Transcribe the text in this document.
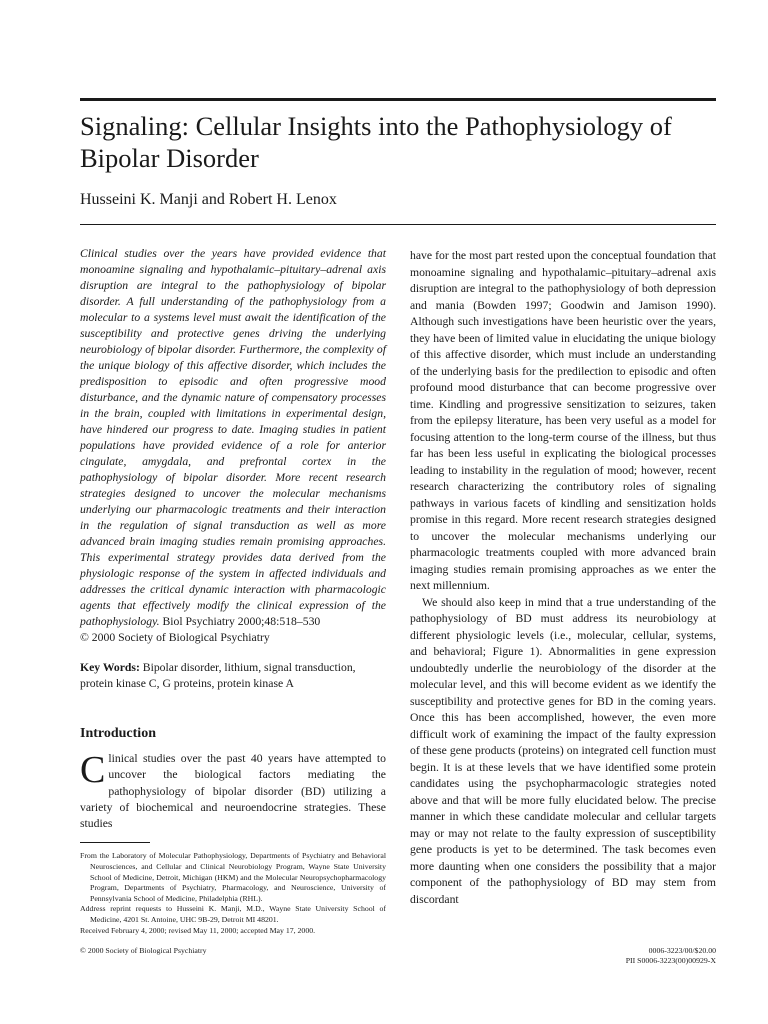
Signaling: Cellular Insights into the Pathophysiology of Bipolar Disorder
Husseini K. Manji and Robert H. Lenox

Clinical studies over the years have provided evidence that monoamine signaling and hypothalamic–pituitary–adrenal axis disruption are integral to the pathophysiology of bipolar disorder. A full understanding of the pathophysiology from a molecular to a systems level must await the identification of the susceptibility and protective genes driving the underlying neurobiology of bipolar disorder. Furthermore, the complexity of the unique biology of this affective disorder, which includes the predisposition to episodic and often progressive mood disturbance, and the dynamic nature of compensatory processes in the brain, coupled with limitations in experimental design, have hindered our progress to date. Imaging studies in patient populations have provided evidence of a role for anterior cingulate, amygdala, and prefrontal cortex in the pathophysiology of bipolar disorder. More recent research strategies designed to uncover the molecular mechanisms underlying our pharmacologic treatments and their interaction in the regulation of signal transduction as well as more advanced brain imaging studies remain promising approaches. This experimental strategy provides data derived from the physiologic response of the system in affected individuals and addresses the critical dynamic interaction with pharmacologic agents that effectively modify the clinical expression of the pathophysiology. Biol Psychiatry 2000;48:518–530
© 2000 Society of Biological Psychiatry

Key Words: Bipolar disorder, lithium, signal transduction, protein kinase C, G proteins, protein kinase A

Introduction

Clinical studies over the past 40 years have attempted to uncover the biological factors mediating the pathophysiology of bipolar disorder (BD) utilizing a variety of biochemical and neuroendocrine strategies. These studies

From the Laboratory of Molecular Pathophysiology, Departments of Psychiatry and Behavioral Neurosciences, and Cellular and Clinical Neurobiology Program, Wayne State University School of Medicine, Detroit, Michigan (HKM) and the Molecular Neuropsychopharmacology Program, Departments of Psychiatry, Pharmacology, and Neuroscience, University of Pennsylvania School of Medicine, Philadelphia (RHL).

Address reprint requests to Husseini K. Manji, M.D., Wayne State University School of Medicine, 4201 St. Antoine, UHC 9B-29, Detroit MI 48201.

Received February 4, 2000; revised May 11, 2000; accepted May 17, 2000.

have for the most part rested upon the conceptual foundation that monoamine signaling and hypothalamic–pituitary–adrenal axis disruption are integral to the pathophysiology of both depression and mania (Bowden 1997; Goodwin and Jamison 1990). Although such investigations have been heuristic over the years, they have been of limited value in elucidating the unique biology of this affective disorder, which must include an understanding of the underlying basis for the predilection to episodic and often profound mood disturbance that can become progressive over time. Kindling and progressive sensitization to seizures, taken from the epilepsy literature, has been very useful as a model for focusing attention to the long-term course of the illness, but thus far has been less useful in explicating the biological processes leading to instability in the regulation of mood; however, recent research characterizing the contributory roles of signaling pathways in various facets of kindling and sensitization holds promise in this regard. More recent research strategies designed to uncover the molecular mechanisms underlying our pharmacologic treatments coupled with more advanced brain imaging studies remain promising approaches as we enter the next millennium.

We should also keep in mind that a true understanding of the pathophysiology of BD must address its neurobiology at different physiologic levels (i.e., molecular, cellular, systems, and behavioral; Figure 1). Abnormalities in gene expression undoubtedly underlie the neurobiology of the disorder at the molecular level, and this will become evident as we identify the susceptibility and protective genes for BD in the coming years. Once this has been accomplished, however, the even more difficult work of examining the impact of the faulty expression of these gene products (proteins) on integrated cell function must begin. It is at these levels that we have identified some protein candidates using the psychopharmacologic strategies noted above and that will be more fully elucidated below. The precise manner in which these candidate molecular and cellular targets may or may not relate to the faulty expression of susceptibility gene products is yet to be determined. The task becomes even more daunting when one considers the possibility that a major component of the pathophysiology of BD may stem from discordant

© 2000 Society of Biological Psychiatry	0006-3223/00/$20.00
PII S0006-3223(00)00929-X
